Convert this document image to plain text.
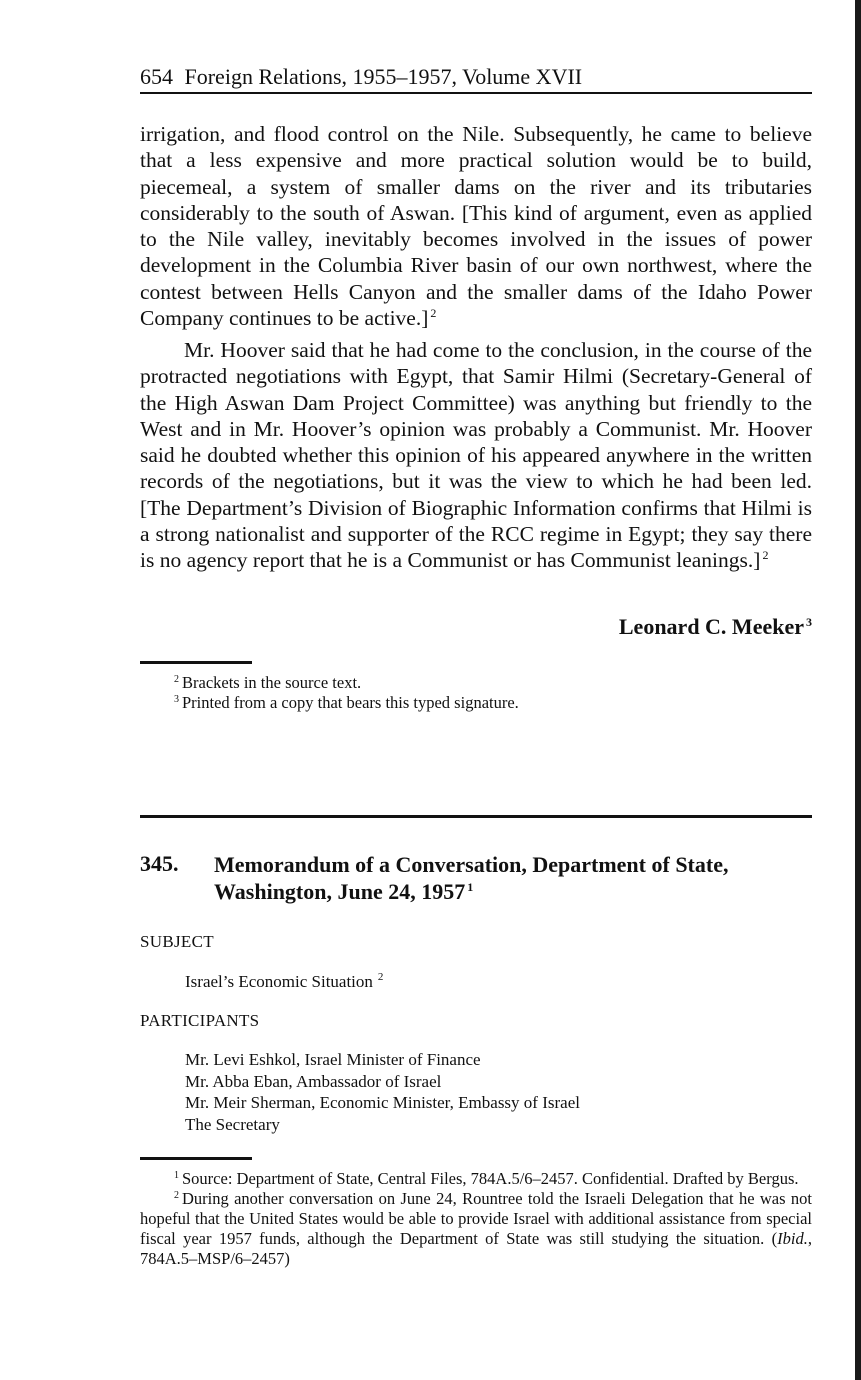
654 Foreign Relations, 1955–1957, Volume XVII

irrigation, and flood control on the Nile. Subsequently, he came to believe that a less expensive and more practical solution would be to build, piecemeal, a system of smaller dams on the river and its tributaries considerably to the south of Aswan. [This kind of argument, even as applied to the Nile valley, inevitably becomes involved in the issues of power development in the Columbia River basin of our own northwest, where the contest between Hells Canyon and the smaller dams of the Idaho Power Company continues to be active.] $^2$

Mr. Hoover said that he had come to the conclusion, in the course of the protracted negotiations with Egypt, that Samir Hilmi (Secretary-General of the High Aswan Dam Project Committee) was anything but friendly to the West and in Mr. Hoover’s opinion was probably a Communist. Mr. Hoover said he doubted whether this opinion of his appeared anywhere in the written records of the negotiations, but it was the view to which he had been led. [The Department’s Division of Biographic Information confirms that Hilmi is a strong nationalist and supporter of the RCC regime in Egypt; they say there is no agency report that he is a Communist or has Communist leanings.] $^2$

Leonard C. Meeker $^3$
$^2$ Brackets in the source text.
$^3$ Printed from a copy that bears this typed signature.
345. Memorandum of a Conversation, Department of State,
Washington, June 24, 1957 $^1$
SUBJECT
Israel’s Economic Situation $^2$
PARTICIPANTS
Mr. Levi Eshkol, Israel Minister of Finance
Mr. Abba Eban, Ambassador of Israel
Mr. Meir Sherman, Economic Minister, Embassy of Israel
The Secretary
$^1$ Source: Department of State, Central Files, 784A.5/6–2457. Confidential. Drafted by Bergus.
$^2$ During another conversation on June 24, Rountree told the Israeli Delegation that he was not hopeful that the United States would be able to provide Israel with additional assistance from special fiscal year 1957 funds, although the Department of State was still studying the situation. (Ibid., 784A.5–MSP/6–2457)
